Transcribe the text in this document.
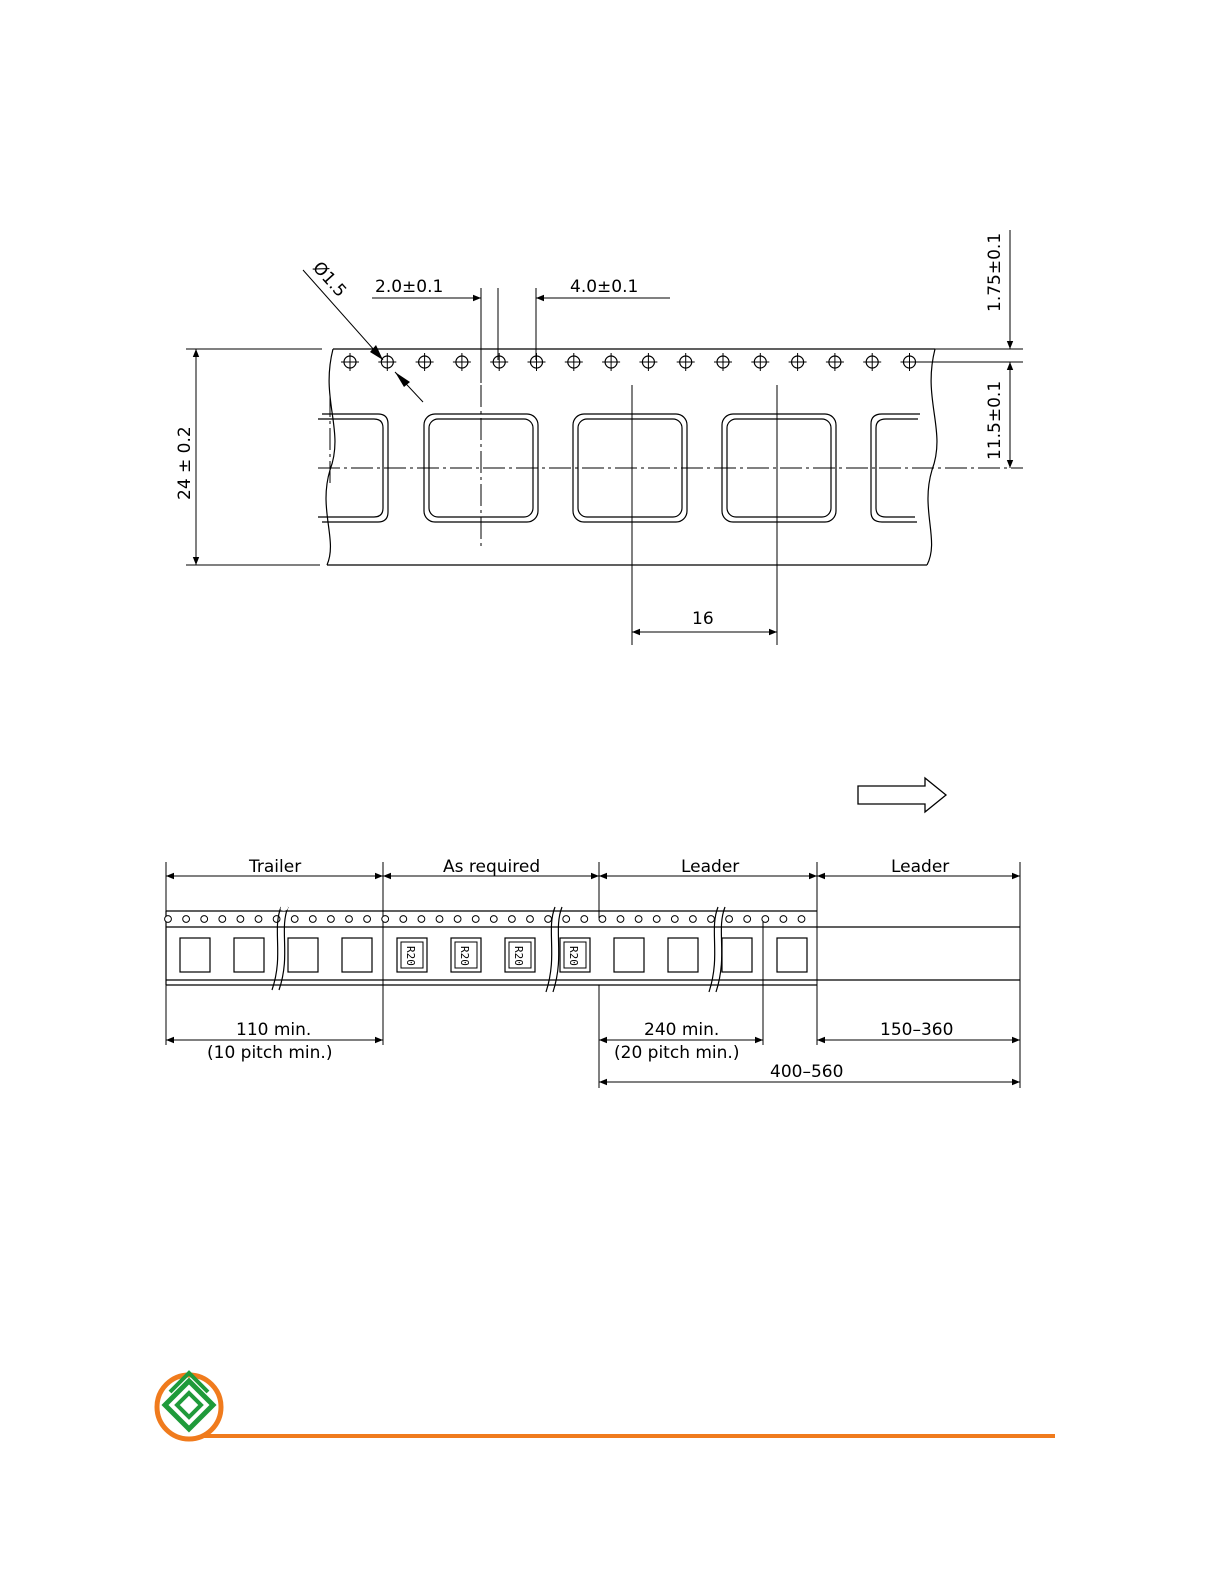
Ø1.5 2.0±0.1	4.0±0.1	1.75±0.1
11.5±0.1
24 ± 0.2
16
Trailer	As required	Leader	Leader
R20	R20	R20	R20
110 min.
(10 pitch min.)
240 min.
(20 pitch min.)
150–360
400–560
